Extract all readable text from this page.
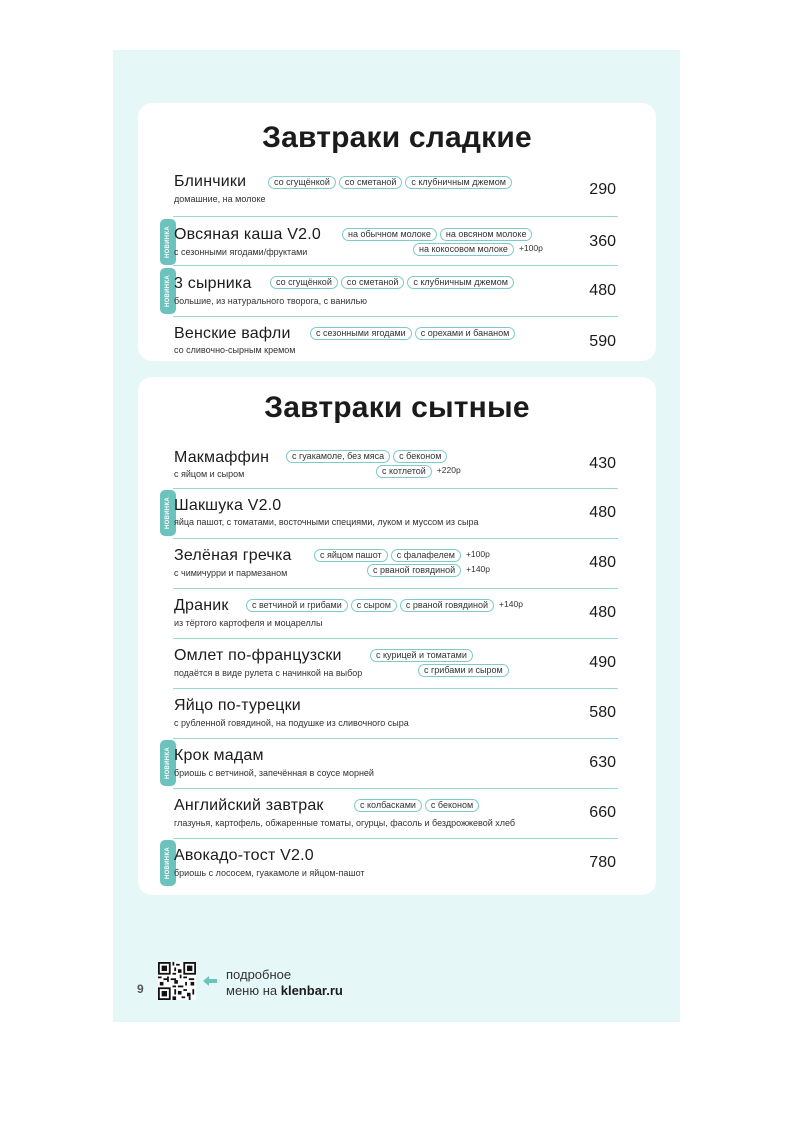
Завтраки сладкие
Блинчики	со сгущёнкой	со сметаной	с клубничным джемом
домашние, на молоке
290
НОВИНКА Овсяная каша V2.0	на обычном молоке	на овсяном молоке
на кокосовом молоке	+100р
с сезонными ягодами/фруктами
360
НОВИНКА 3 сырника	со сгущёнкой	со сметаной	с клубничным джемом
большие, из натурального творога, с ванилью
480
Венские вафли	с сезонными ягодами	с орехами и бананом
со сливочно-сырным кремом	590
Завтраки сытные
Макмаффин	с гуакамоле, без мяса	с беконом
с котлетой	+220р
с яйцом и сыром
430
НОВИНКА Шакшука V2.0
яйца пашот, с томатами, восточными специями, луком и муссом из сыра
480
Зелёная гречка	с яйцом пашот	с фалафелем	+100р
с рваной говядиной	+140р
с чимичурри и пармезаном
480
Драник	с ветчиной и грибами	с сыром	с рваной говядиной	+140р
из тёртого картофеля и моцареллы
480
Омлет по-французски	с курицей и томатами
с грибами и сыром
подаётся в виде рулета с начинкой на выбор
490
Яйцо по-турецки
с рубленной говядиной, на подушке из сливочного сыра
580
НОВИНКА Крок мадам
бриошь с ветчиной, запечённая в соусе морней
630
Английский завтрак	с колбасками	с беконом
глазунья, картофель, обжаренные томаты, огурцы, фасоль и бездрожжевой хлеб
660
НОВИНКА Авокадо-тост V2.0
бриошь с лососем, гуакамоле и яйцом-пашот
780
9
подробное
меню на klenbar.ru
